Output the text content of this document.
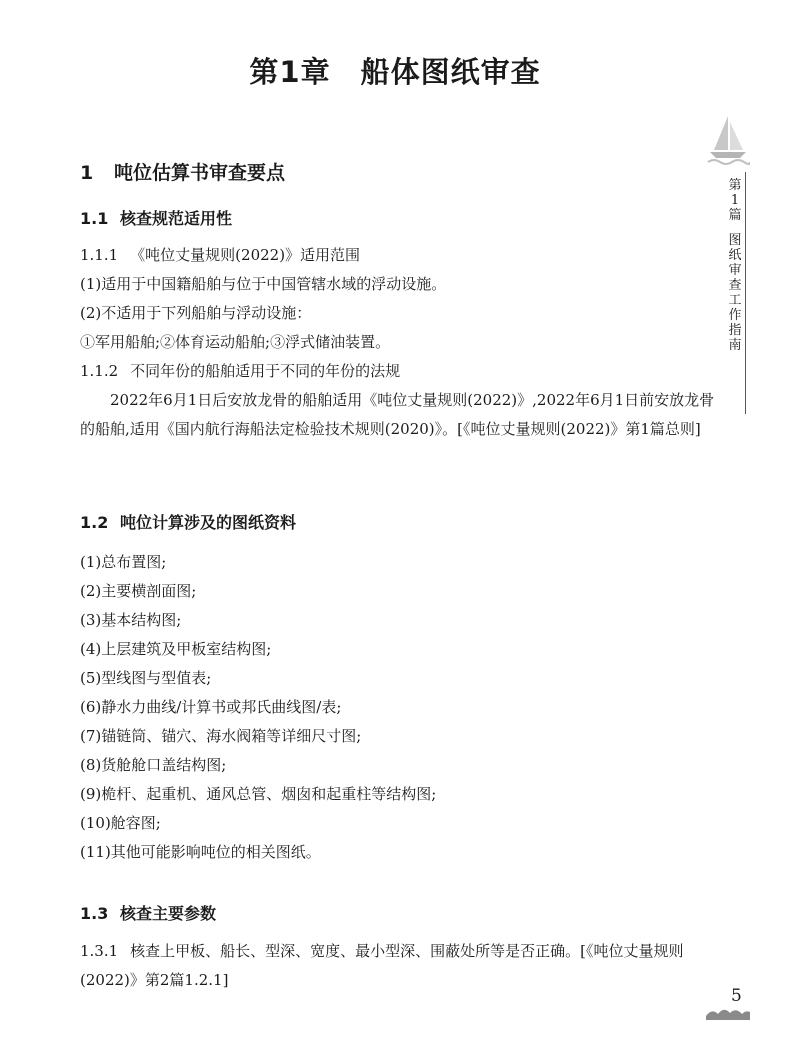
第1章　船体图纸审查
1 吨位估算书审查要点
1.1 核查规范适用性
1.1.1 《吨位丈量规则(2022)》适用范围
(1)适用于中国籍船舶与位于中国管辖水域的浮动设施。
(2)不适用于下列船舶与浮动设施：
①军用船舶;②体育运动船舶;③浮式储油装置。
1.1.2 不同年份的船舶适用于不同的年份的法规
2022年6月1日后安放龙骨的船舶适用《吨位丈量规则(2022)》,2022年6月1日前安放龙骨的船舶,适用《国内航行海船法定检验技术规则(2020)》。[《吨位丈量规则(2022)》第1篇总则]
1.2 吨位计算涉及的图纸资料
(1)总布置图;
(2)主要横剖面图;
(3)基本结构图;
(4)上层建筑及甲板室结构图;
(5)型线图与型值表;
(6)静水力曲线/计算书或邦氏曲线图/表;
(7)锚链筒、锚穴、海水阀箱等详细尺寸图;
(8)货舱舱口盖结构图;
(9)桅杆、起重机、通风总管、烟囱和起重柱等结构图;
(10)舱容图;
(11)其他可能影响吨位的相关图纸。
1.3 核查主要参数
1.3.1 核查上甲板、船长、型深、宽度、最小型深、围蔽处所等是否正确。[《吨位丈量规则(2022)》第2篇1.2.1]
第1篇
图纸审查工作指南
5
